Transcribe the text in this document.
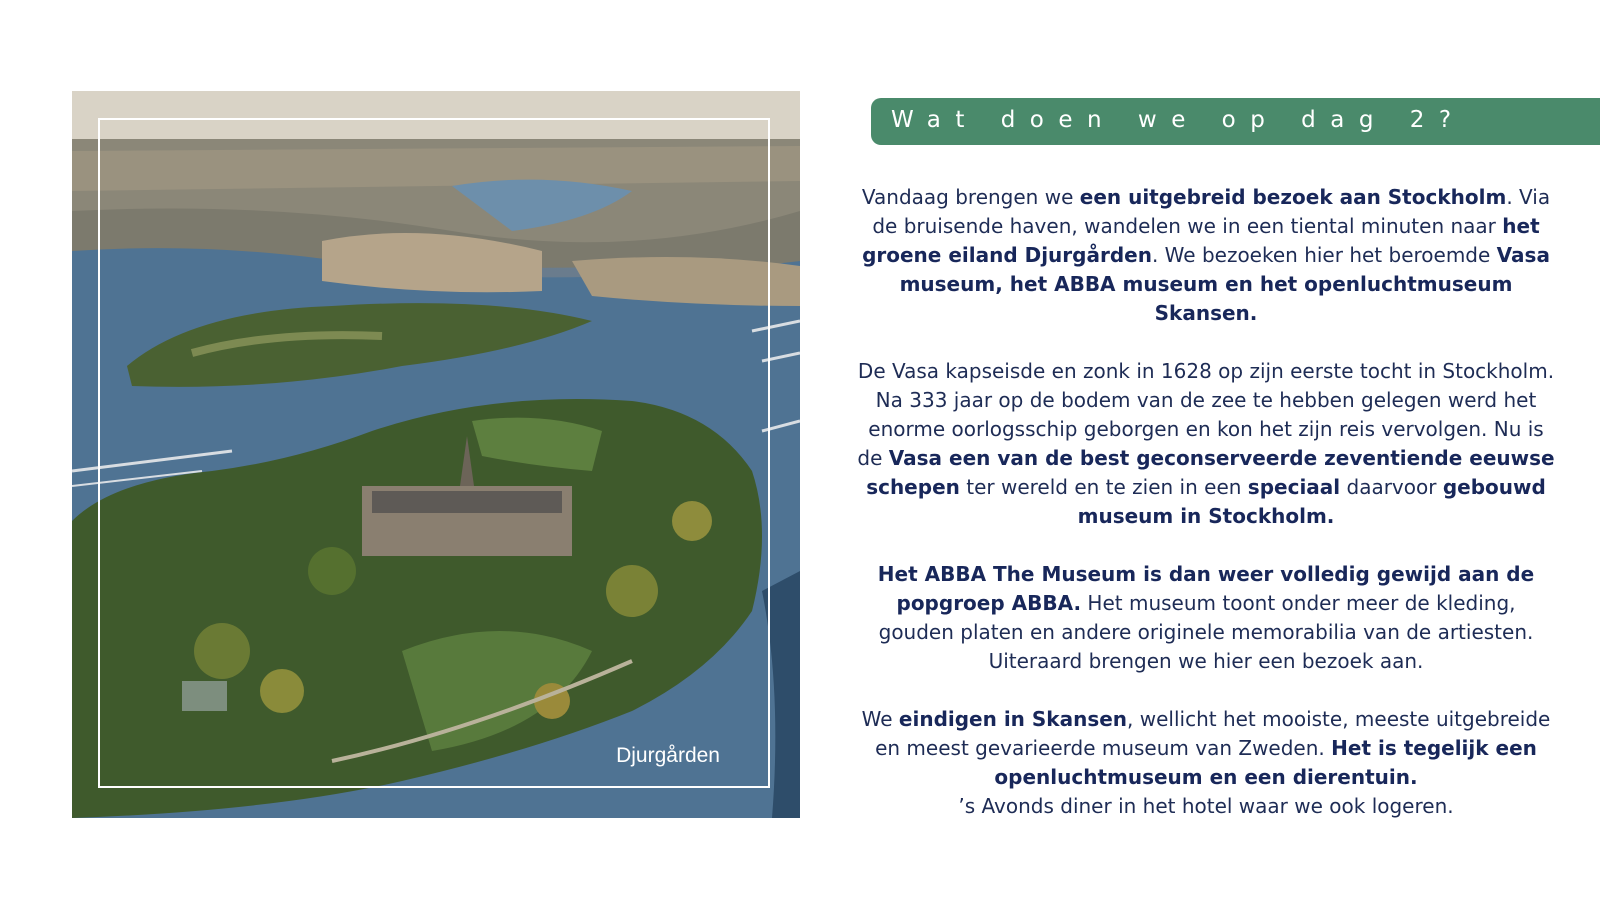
Djurgården
Wat doen we op dag 2?

Vandaag brengen we een uitgebreid bezoek aan Stockholm. Via de bruisende haven, wandelen we in een tiental minuten naar het groene eiland Djurgården. We bezoeken hier het beroemde Vasa museum, het ABBA museum en het openluchtmuseum Skansen.

De Vasa kapseisde en zonk in 1628 op zijn eerste tocht in Stockholm. Na 333 jaar op de bodem van de zee te hebben gelegen werd het enorme oorlogsschip geborgen en kon het zijn reis vervolgen. Nu is de Vasa een van de best geconserveerde zeventiende eeuwse schepen ter wereld en te zien in een speciaal daarvoor gebouwd museum in Stockholm.

Het ABBA The Museum is dan weer volledig gewijd aan de popgroep ABBA. Het museum toont onder meer de kleding, gouden platen en andere originele memorabilia van de artiesten. Uiteraard brengen we hier een bezoek aan.

We eindigen in Skansen, wellicht het mooiste, meeste uitgebreide en meest gevarieerde museum van Zweden. Het is tegelijk een openluchtmuseum en een dierentuin.
’s Avonds diner in het hotel waar we ook logeren.
